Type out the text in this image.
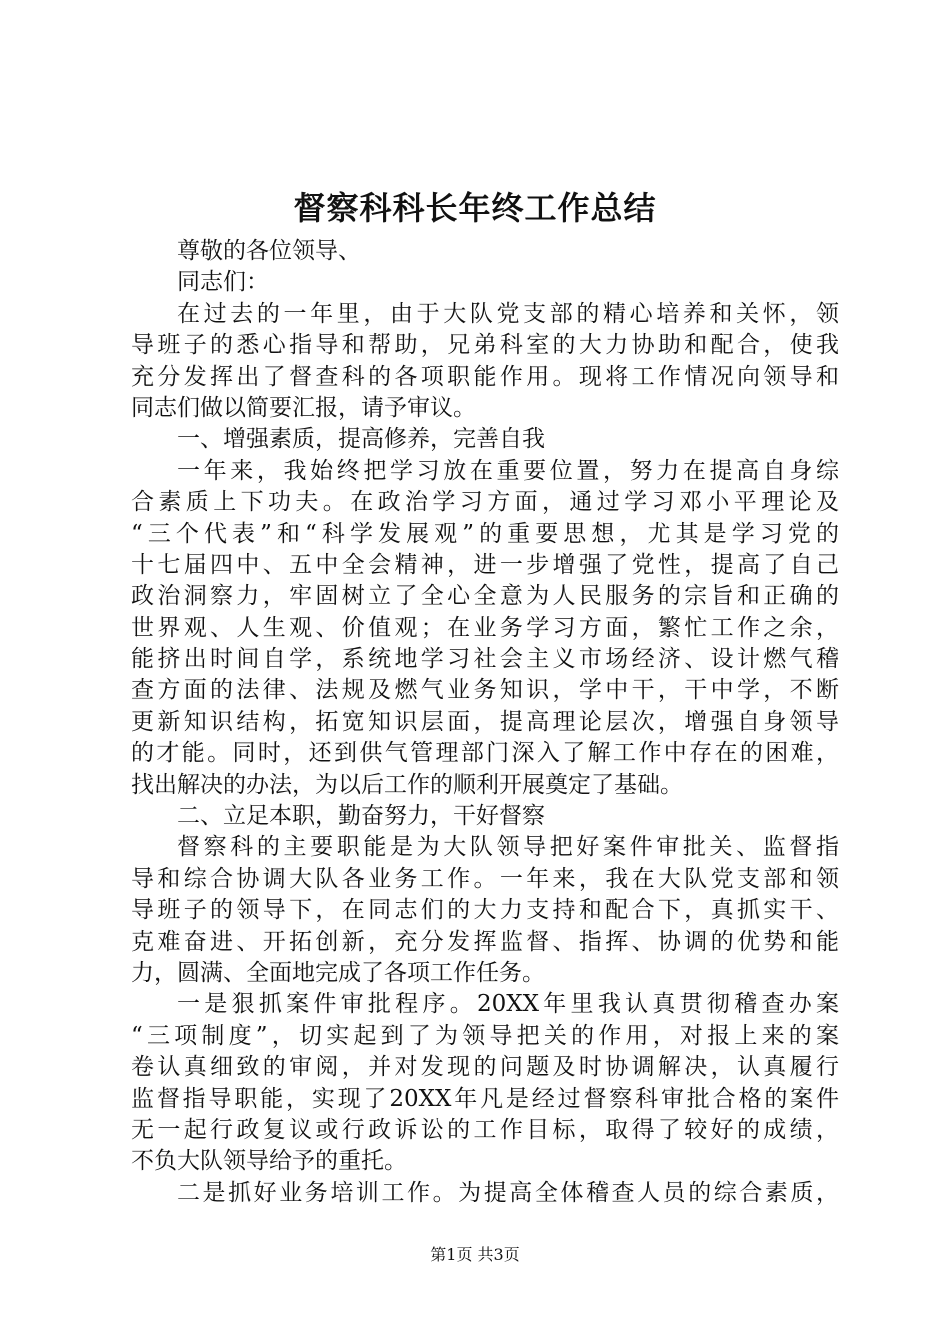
督察科科长年终工作总结
尊敬的各位领导、
同志们：
在过去的一年里，由于大队党支部的精心培养和关怀，领
导班子的悉心指导和帮助，兄弟科室的大力协助和配合，使我
充分发挥出了督查科的各项职能作用。现将工作情况向领导和
同志们做以简要汇报，请予审议。
一、增强素质，提高修养，完善自我
一年来，我始终把学习放在重要位置，努力在提高自身综
合素质上下功夫。在政治学习方面，通过学习邓小平理论及
“三个代表”和“科学发展观”的重要思想，尤其是学习党的
十七届四中、五中全会精神，进一步增强了党性，提高了自己
政治洞察力，牢固树立了全心全意为人民服务的宗旨和正确的
世界观、人生观、价值观；在业务学习方面，繁忙工作之余，
能挤出时间自学，系统地学习社会主义市场经济、设计燃气稽
查方面的法律、法规及燃气业务知识，学中干，干中学，不断
更新知识结构，拓宽知识层面，提高理论层次，增强自身领导
的才能。同时，还到供气管理部门深入了解工作中存在的困难，
找出解决的办法，为以后工作的顺利开展奠定了基础。
二、立足本职，勤奋努力，干好督察
督察科的主要职能是为大队领导把好案件审批关、监督指
导和综合协调大队各业务工作。一年来，我在大队党支部和领
导班子的领导下，在同志们的大力支持和配合下，真抓实干、
克难奋进、开拓创新，充分发挥监督、指挥、协调的优势和能
力，圆满、全面地完成了各项工作任务。
一是狠抓案件审批程序。20XX年里我认真贯彻稽查办案
“三项制度”，切实起到了为领导把关的作用，对报上来的案
卷认真细致的审阅，并对发现的问题及时协调解决，认真履行
监督指导职能，实现了20XX年凡是经过督察科审批合格的案件
无一起行政复议或行政诉讼的工作目标，取得了较好的成绩，
不负大队领导给予的重托。
二是抓好业务培训工作。为提高全体稽查人员的综合素质，
第1页 共3页
